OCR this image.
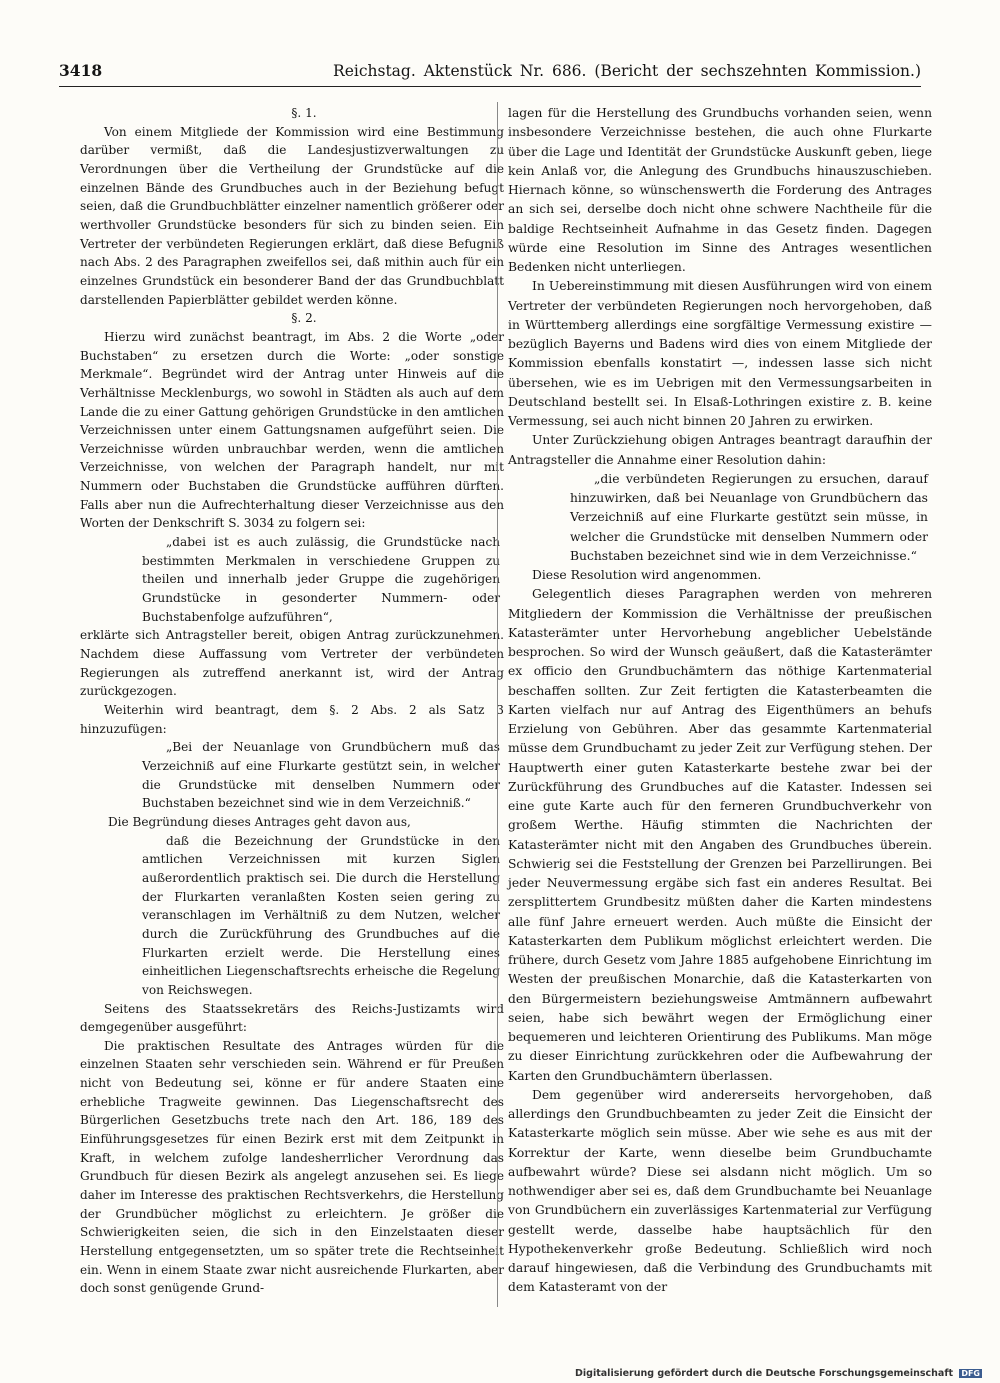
3418	Reichstag. Aktenstück Nr. 686. (Bericht der sechszehnten Kommission.)

§. 1.

Von einem Mitgliede der Kommission wird eine Bestimmung darüber vermißt, daß die Landesjustizverwaltungen zu Verordnungen über die Vertheilung der Grundstücke auf die einzelnen Bände des Grundbuches auch in der Beziehung befugt seien, daß die Grundbuchblätter einzelner namentlich größerer oder werthvoller Grundstücke besonders für sich zu binden seien. Ein Vertreter der verbündeten Regierungen erklärt, daß diese Befugniß nach Abs. 2 des Paragraphen zweifellos sei, daß mithin auch für ein einzelnes Grundstück ein besonderer Band der das Grundbuchblatt darstellenden Papierblätter gebildet werden könne.

§. 2.

Hierzu wird zunächst beantragt, im Abs. 2 die Worte „oder Buchstaben“ zu ersetzen durch die Worte: „oder sonstige Merkmale“. Begründet wird der Antrag unter Hinweis auf die Verhältnisse Mecklenburgs, wo sowohl in Städten als auch auf dem Lande die zu einer Gattung gehörigen Grundstücke in den amtlichen Verzeichnissen unter einem Gattungsnamen aufgeführt seien. Die Verzeichnisse würden unbrauchbar werden, wenn die amtlichen Verzeichnisse, von welchen der Paragraph handelt, nur mit Nummern oder Buchstaben die Grundstücke aufführen dürften. Falls aber nun die Aufrechterhaltung dieser Verzeichnisse aus den Worten der Denkschrift S. 3034 zu folgern sei:

„dabei ist es auch zulässig, die Grundstücke nach bestimmten Merkmalen in verschiedene Gruppen zu theilen und innerhalb jeder Gruppe die zugehörigen Grundstücke in gesonderter Nummern- oder Buchstabenfolge aufzuführen“,

erklärte sich Antragsteller bereit, obigen Antrag zurückzunehmen. Nachdem diese Auffassung vom Vertreter der verbündeten Regierungen als zutreffend anerkannt ist, wird der Antrag zurückgezogen.

Weiterhin wird beantragt, dem §. 2 Abs. 2 als Satz 3 hinzuzufügen:

„Bei der Neuanlage von Grundbüchern muß das Verzeichniß auf eine Flurkarte gestützt sein, in welcher die Grundstücke mit denselben Nummern oder Buchstaben bezeichnet sind wie in dem Verzeichniß.“

Die Begründung dieses Antrages geht davon aus,

daß die Bezeichnung der Grundstücke in den amtlichen Verzeichnissen mit kurzen Siglen außerordentlich praktisch sei. Die durch die Herstellung der Flurkarten veranlaßten Kosten seien gering zu veranschlagen im Verhältniß zu dem Nutzen, welcher durch die Zurückführung des Grundbuches auf die Flurkarten erzielt werde. Die Herstellung eines einheitlichen Liegenschaftsrechts erheische die Regelung von Reichswegen.

Seitens des Staatssekretärs des Reichs-Justizamts wird demgegenüber ausgeführt:

Die praktischen Resultate des Antrages würden für die einzelnen Staaten sehr verschieden sein. Während er für Preußen nicht von Bedeutung sei, könne er für andere Staaten eine erhebliche Tragweite gewinnen. Das Liegenschaftsrecht des Bürgerlichen Gesetzbuchs trete nach den Art. 186, 189 des Einführungsgesetzes für einen Bezirk erst mit dem Zeitpunkt in Kraft, in welchem zufolge landesherrlicher Verordnung das Grundbuch für diesen Bezirk als angelegt anzusehen sei. Es liege daher im Interesse des praktischen Rechtsverkehrs, die Herstellung der Grundbücher möglichst zu erleichtern. Je größer die Schwierigkeiten seien, die sich in den Einzelstaaten dieser Herstellung entgegensetzten, um so später trete die Rechtseinheit ein. Wenn in einem Staate zwar nicht ausreichende Flurkarten, aber doch sonst genügende Grund-

lagen für die Herstellung des Grundbuchs vorhanden seien, wenn insbesondere Verzeichnisse bestehen, die auch ohne Flurkarte über die Lage und Identität der Grundstücke Auskunft geben, liege kein Anlaß vor, die Anlegung des Grundbuchs hinauszuschieben. Hiernach könne, so wünschenswerth die Forderung des Antrages an sich sei, derselbe doch nicht ohne schwere Nachtheile für die baldige Rechtseinheit Aufnahme in das Gesetz finden. Dagegen würde eine Resolution im Sinne des Antrages wesentlichen Bedenken nicht unterliegen.

In Uebereinstimmung mit diesen Ausführungen wird von einem Vertreter der verbündeten Regierungen noch hervorgehoben, daß in Württemberg allerdings eine sorgfältige Vermessung existire — bezüglich Bayerns und Badens wird dies von einem Mitgliede der Kommission ebenfalls konstatirt —, indessen lasse sich nicht übersehen, wie es im Uebrigen mit den Vermessungsarbeiten in Deutschland bestellt sei. In Elsaß-Lothringen existire z. B. keine Vermessung, sei auch nicht binnen 20 Jahren zu erwirken.

Unter Zurückziehung obigen Antrages beantragt daraufhin der Antragsteller die Annahme einer Resolution dahin:

„die verbündeten Regierungen zu ersuchen, darauf hinzuwirken, daß bei Neuanlage von Grundbüchern das Verzeichniß auf eine Flurkarte gestützt sein müsse, in welcher die Grundstücke mit denselben Nummern oder Buchstaben bezeichnet sind wie in dem Verzeichnisse.“

Diese Resolution wird angenommen.

Gelegentlich dieses Paragraphen werden von mehreren Mitgliedern der Kommission die Verhältnisse der preußischen Katasterämter unter Hervorhebung angeblicher Uebelstände besprochen. So wird der Wunsch geäußert, daß die Katasterämter ex officio den Grundbuchämtern das nöthige Kartenmaterial beschaffen sollten. Zur Zeit fertigten die Katasterbeamten die Karten vielfach nur auf Antrag des Eigenthümers an behufs Erzielung von Gebühren. Aber das gesammte Kartenmaterial müsse dem Grundbuchamt zu jeder Zeit zur Verfügung stehen. Der Hauptwerth einer guten Katasterkarte bestehe zwar bei der Zurückführung des Grundbuches auf die Kataster. Indessen sei eine gute Karte auch für den ferneren Grundbuchverkehr von großem Werthe. Häufig stimmten die Nachrichten der Katasterämter nicht mit den Angaben des Grundbuches überein. Schwierig sei die Feststellung der Grenzen bei Parzellirungen. Bei jeder Neuvermessung ergäbe sich fast ein anderes Resultat. Bei zersplittertem Grundbesitz müßten daher die Karten mindestens alle fünf Jahre erneuert werden. Auch müßte die Einsicht der Katasterkarten dem Publikum möglichst erleichtert werden. Die frühere, durch Gesetz vom Jahre 1885 aufgehobene Einrichtung im Westen der preußischen Monarchie, daß die Katasterkarten von den Bürgermeistern beziehungsweise Amtmännern aufbewahrt seien, habe sich bewährt wegen der Ermöglichung einer bequemeren und leichteren Orientirung des Publikums. Man möge zu dieser Einrichtung zurückkehren oder die Aufbewahrung der Karten den Grundbuchämtern überlassen.

Dem gegenüber wird andererseits hervorgehoben, daß allerdings den Grundbuchbeamten zu jeder Zeit die Einsicht der Katasterkarte möglich sein müsse. Aber wie sehe es aus mit der Korrektur der Karte, wenn dieselbe beim Grundbuchamte aufbewahrt würde? Diese sei alsdann nicht möglich. Um so nothwendiger aber sei es, daß dem Grundbuchamte bei Neuanlage von Grundbüchern ein zuverlässiges Kartenmaterial zur Verfügung gestellt werde, dasselbe habe hauptsächlich für den Hypothekenverkehr große Bedeutung. Schließlich wird noch darauf hingewiesen, daß die Verbindung des Grundbuchamts mit dem Katasteramt von der

Digitalisierung gefördert durch die Deutsche Forschungsgemeinschaft DFG
